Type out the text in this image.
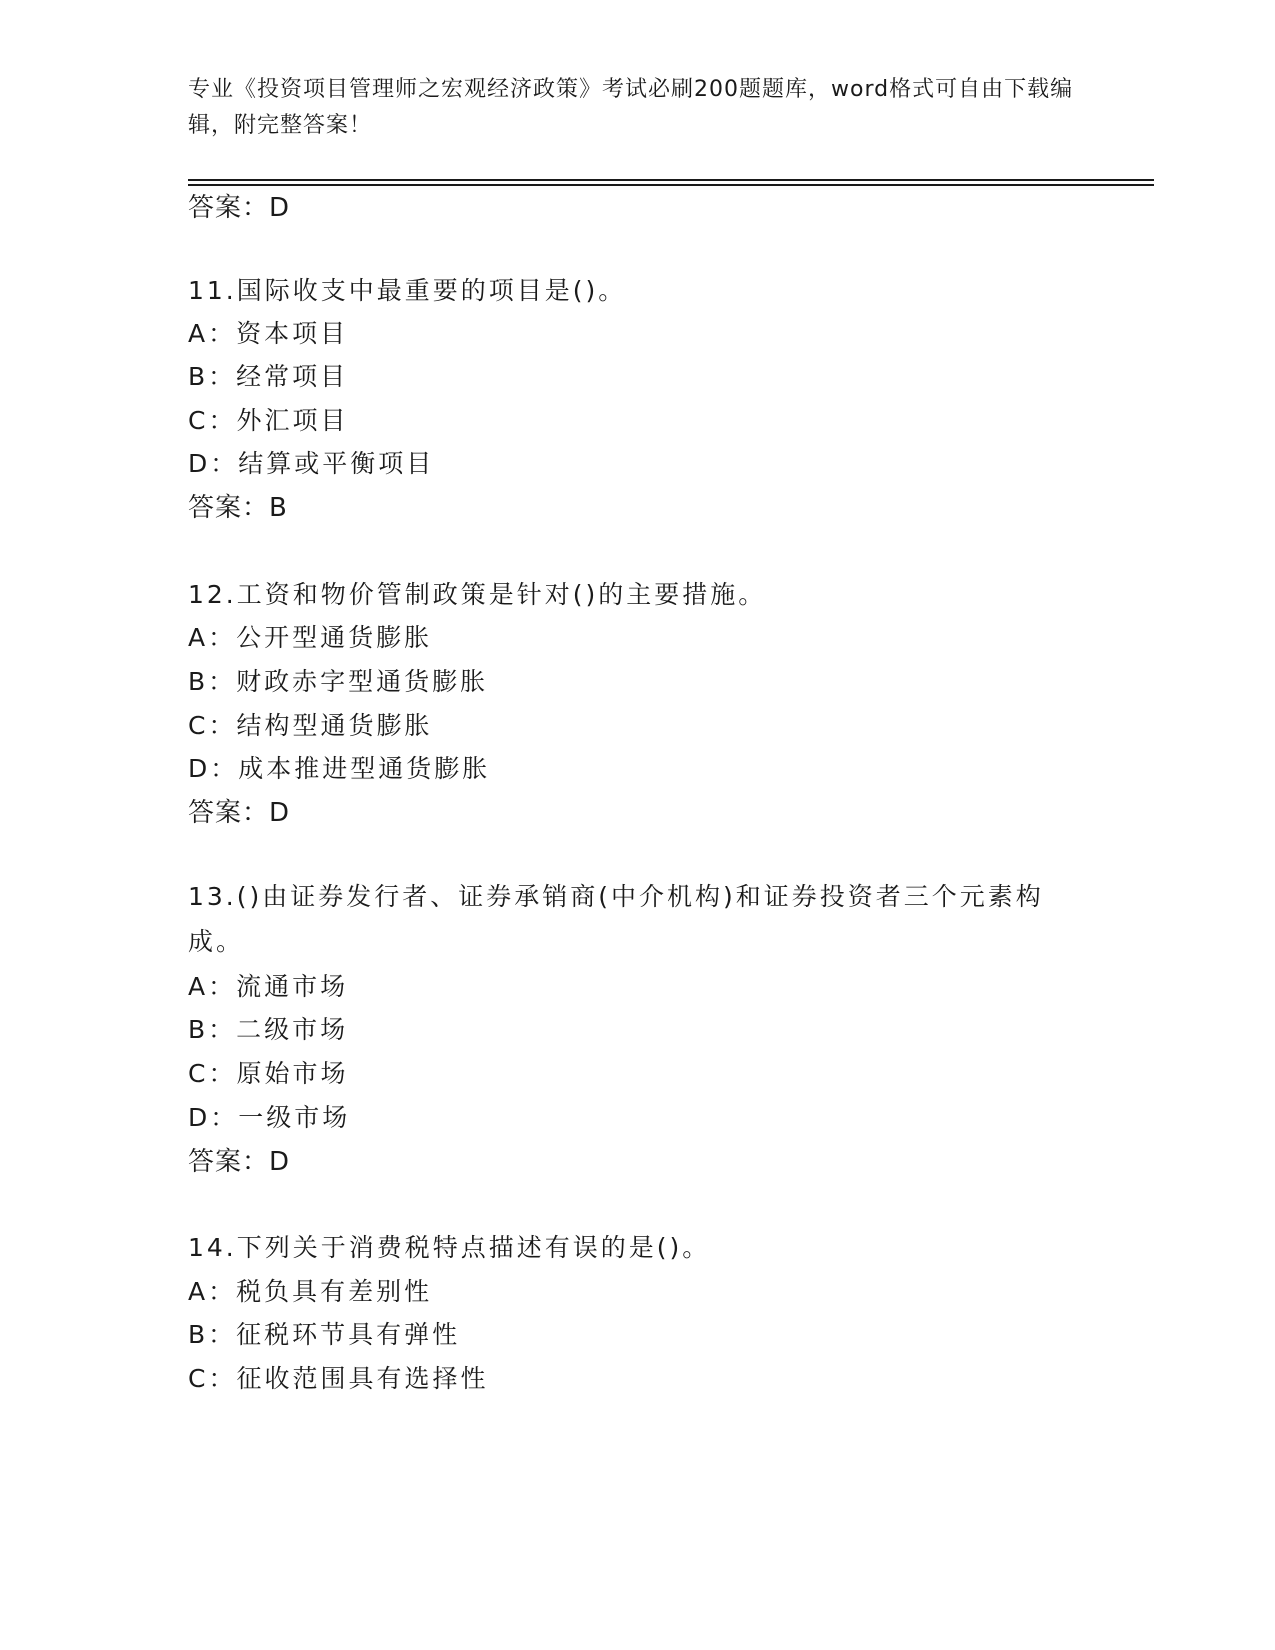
专业《投资项目管理师之宏观经济政策》考试必刷200题题库，word格式可自由下载编辑，附完整答案！
答案：D
11.国际收支中最重要的项目是()。
A：资本项目
B：经常项目
C：外汇项目
D：结算或平衡项目
答案：B
12.工资和物价管制政策是针对()的主要措施。
A：公开型通货膨胀
B：财政赤字型通货膨胀
C：结构型通货膨胀
D：成本推进型通货膨胀
答案：D
13.()由证券发行者、证券承销商(中介机构)和证券投资者三个元素构成。
A：流通市场
B：二级市场
C：原始市场
D：一级市场
答案：D
14.下列关于消费税特点描述有误的是()。
A：税负具有差别性
B：征税环节具有弹性
C：征收范围具有选择性
